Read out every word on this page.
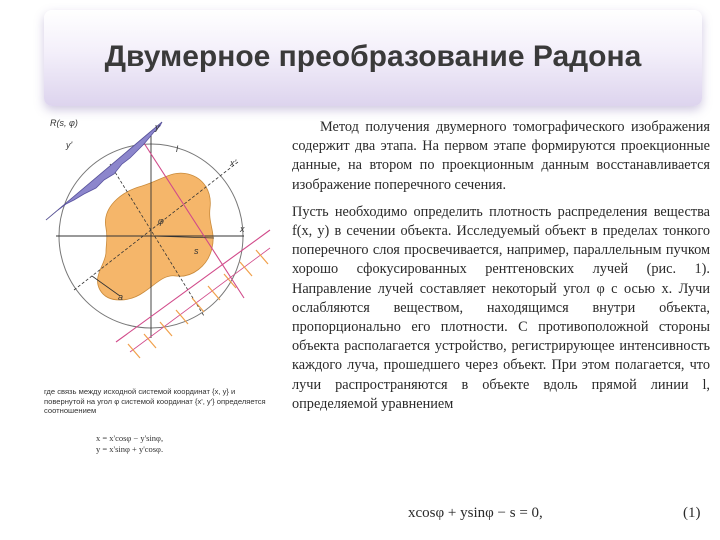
Двумерное преобразование Радона
R(s, φ)
y'
y
l
x'
φ
s
x
a
где связь между исходной системой координат {x, y} и повернутой на угол φ системой координат {x', y'} определяется соотношением
x = x'cosφ − y'sinφ,
y = x'sinφ + y'cosφ.

Метод получения двумерного томографического изображения содержит два этапа. На первом этапе формируются проекционные данные, на втором по проекционным данным восстанавливается изображение поперечного сечения.

Пусть необходимо определить плотность распределения вещества f(x, y) в сечении объекта. Исследуемый объект в пределах тонкого поперечного слоя просвечивается, например, параллельным пучком хорошо сфокусированных рентгеновских лучей (рис. 1). Направление лучей составляет некоторый угол φ с осью x. Лучи ослабляются веществом, находящимся внутри объекта, пропорционально его плотности. С противоположной стороны объекта располагается устройство, регистрирующее интенсивность каждого луча, прошедшего через объект. При этом полагается, что лучи распространяются в объекте вдоль прямой линии l, определяемой уравнением

xcosφ + ysinφ − s = 0,	(1)
